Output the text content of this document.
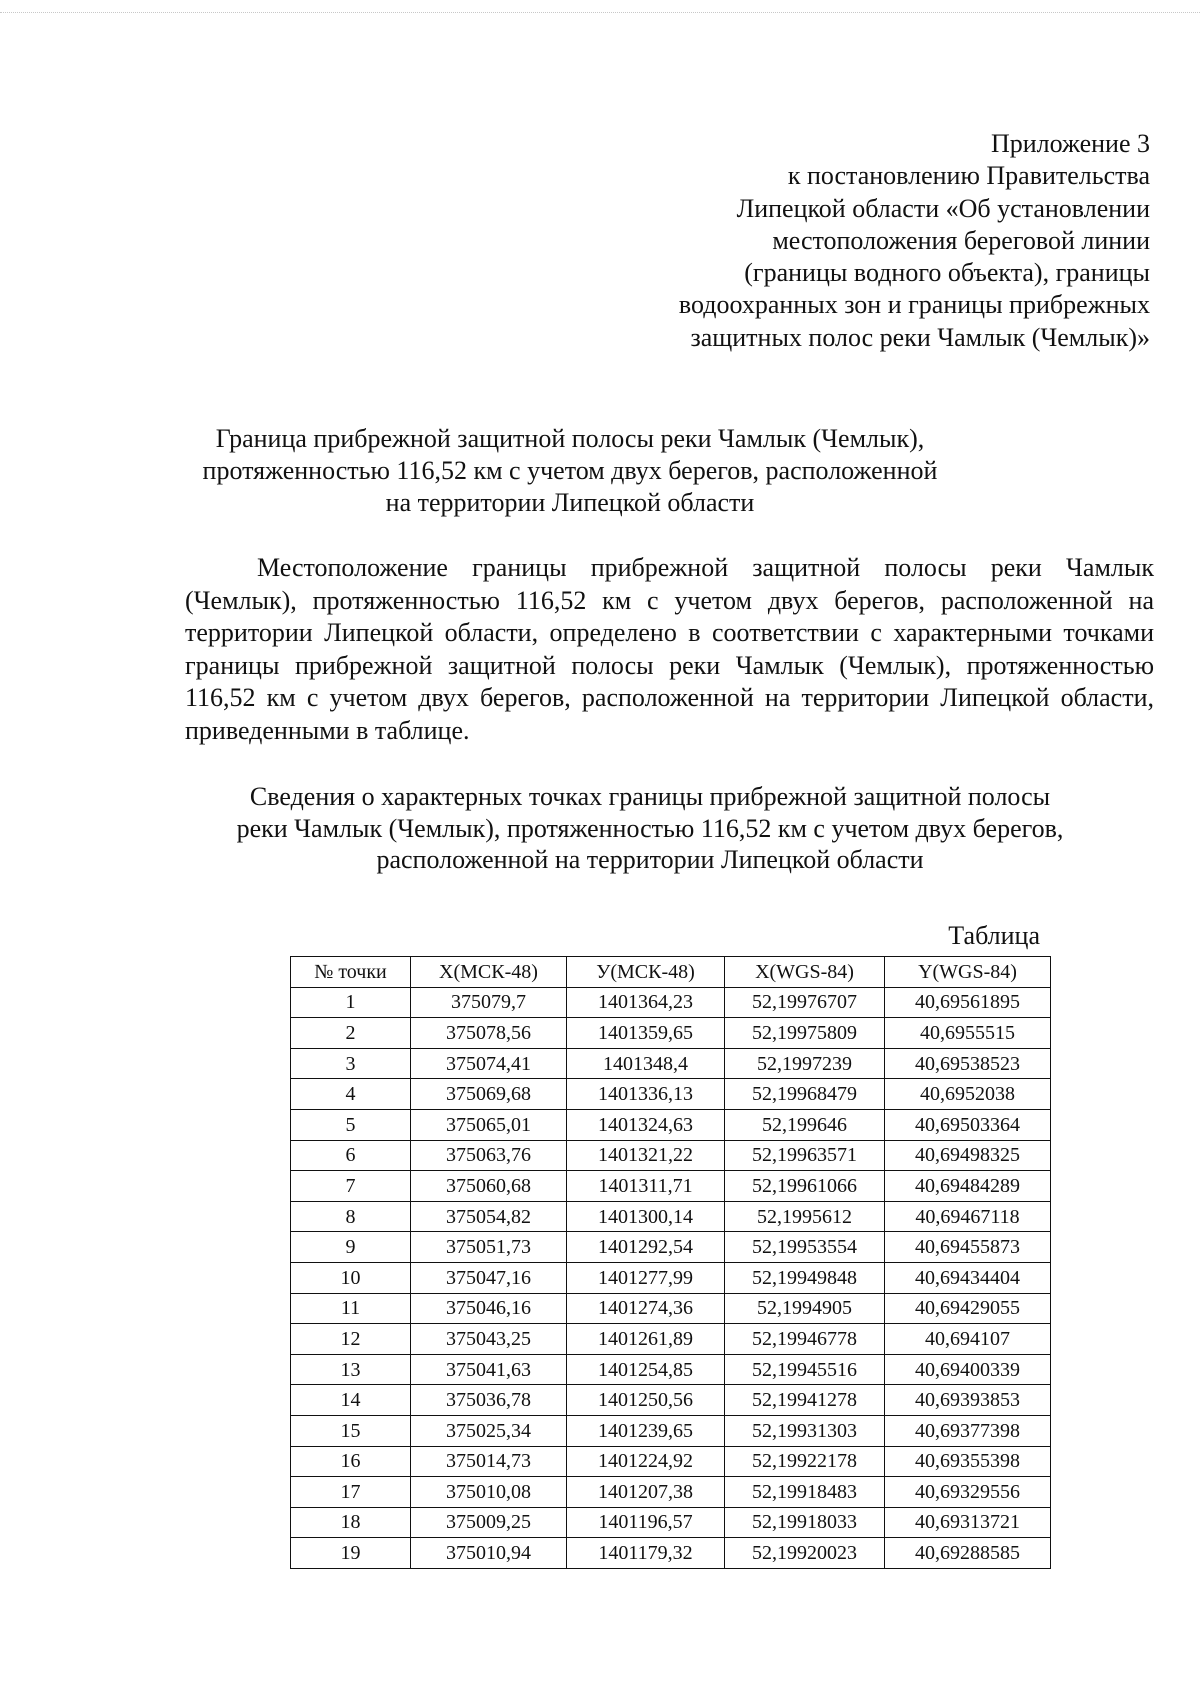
Приложение 3
к постановлению Правительства
Липецкой области «Об установлении
местоположения береговой линии
(границы водного объекта), границы
водоохранных зон и границы прибрежных
защитных полос реки Чамлык (Чемлык)»
Граница прибрежной защитной полосы реки Чамлык (Чемлык),
протяженностью 116,52 км с учетом двух берегов, расположенной
на территории Липецкой области

Местоположение границы прибрежной защитной полосы реки Чамлык (Чемлык), протяженностью 116,52 км с учетом двух берегов, расположенной на территории Липецкой области, определено в соответствии с характерными точками границы прибрежной защитной полосы реки Чамлык (Чемлык), протяженностью 116,52 км с учетом двух берегов, расположенной на территории Липецкой области, приведенными в таблице.

Сведения о характерных точках границы прибрежной защитной полосы
реки Чамлык (Чемлык), протяженностью 116,52 км с учетом двух берегов,
расположенной на территории Липецкой области
Таблица
№ точки	X(МСК-48)	У(МСК-48)	X(WGS-84)	Y(WGS-84)
1	375079,7	1401364,23	52,19976707	40,69561895
2	375078,56	1401359,65	52,19975809	40,6955515
3	375074,41	1401348,4	52,1997239	40,69538523
4	375069,68	1401336,13	52,19968479	40,6952038
5	375065,01	1401324,63	52,199646	40,69503364
6	375063,76	1401321,22	52,19963571	40,69498325
7	375060,68	1401311,71	52,19961066	40,69484289
8	375054,82	1401300,14	52,1995612	40,69467118
9	375051,73	1401292,54	52,19953554	40,69455873
10	375047,16	1401277,99	52,19949848	40,69434404
11	375046,16	1401274,36	52,1994905	40,69429055
12	375043,25	1401261,89	52,19946778	40,694107
13	375041,63	1401254,85	52,19945516	40,69400339
14	375036,78	1401250,56	52,19941278	40,69393853
15	375025,34	1401239,65	52,19931303	40,69377398
16	375014,73	1401224,92	52,19922178	40,69355398
17	375010,08	1401207,38	52,19918483	40,69329556
18	375009,25	1401196,57	52,19918033	40,69313721
19	375010,94	1401179,32	52,19920023	40,69288585
